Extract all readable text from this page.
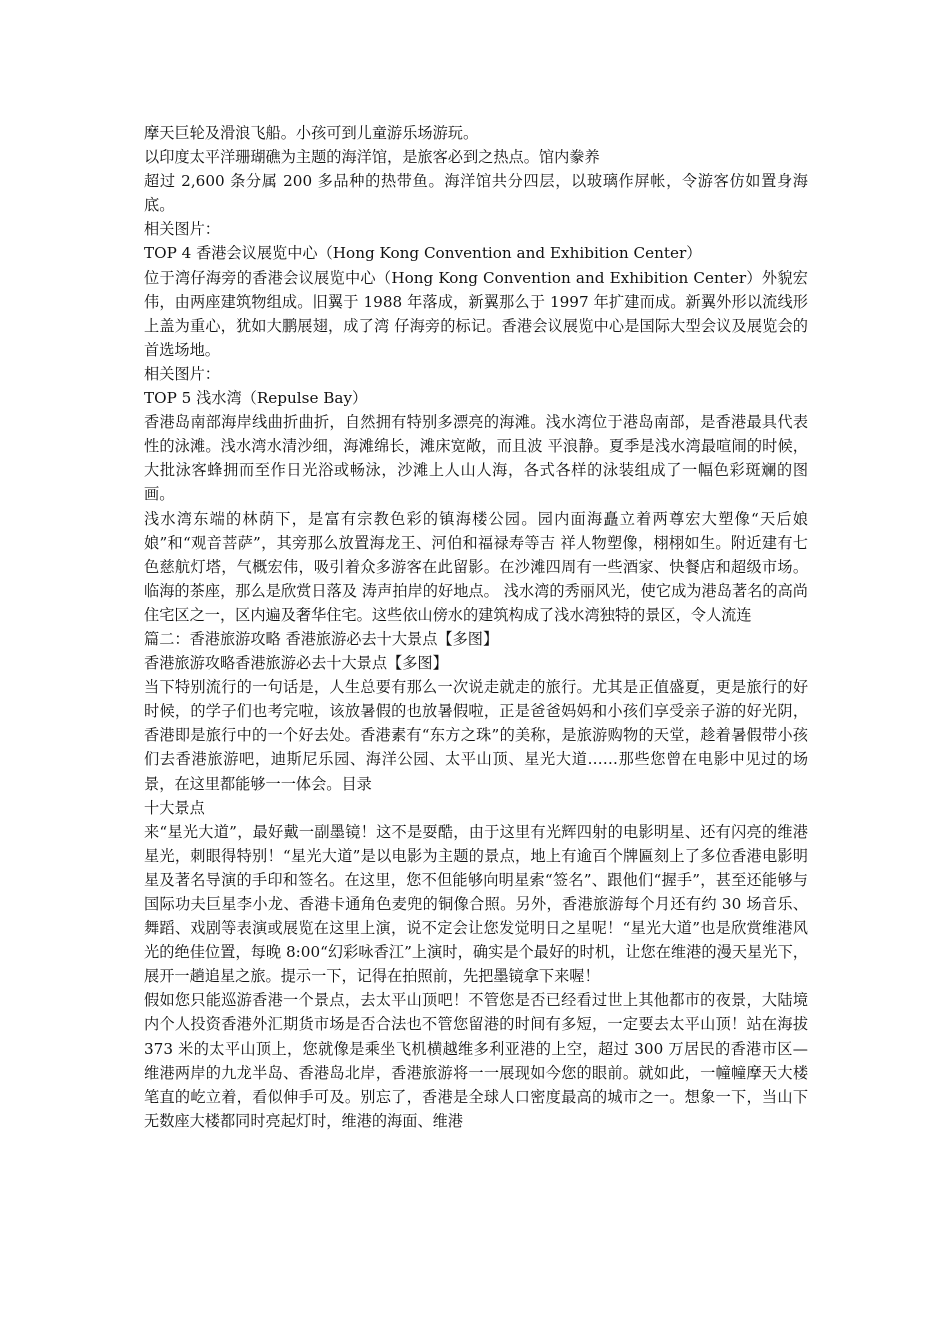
摩天巨轮及滑浪飞船。小孩可到儿童游乐场游玩。

以印度太平洋珊瑚礁为主题的海洋馆，是旅客必到之热点。馆内豢养

超过 2,600 条分属 200 多品种的热带鱼。海洋馆共分四层，以玻璃作屏帐，令游客仿如置身海底。

相关图片：

TOP 4 香港会议展览中心（Hong Kong Convention and Exhibition Center）

位于湾仔海旁的香港会议展览中心（Hong Kong Convention and Exhibition Center）外貌宏伟，由两座建筑物组成。旧翼于 1988 年落成，新翼那么于 1997 年扩建而成。新翼外形以流线形上盖为重心，犹如大鹏展翅，成了湾 仔海旁的标记。香港会议展览中心是国际大型会议及展览会的首选场地。

相关图片：

TOP 5 浅水湾（Repulse Bay）

香港岛南部海岸线曲折曲折，自然拥有特别多漂亮的海滩。浅水湾位于港岛南部，是香港最具代表性的泳滩。浅水湾水清沙细，海滩绵长，滩床宽敞，而且波 平浪静。夏季是浅水湾最喧闹的时候，大批泳客蜂拥而至作日光浴或畅泳，沙滩上人山人海，各式各样的泳装组成了一幅色彩斑斓的图画。

浅水湾东端的林荫下，是富有宗教色彩的镇海楼公园。园内面海矗立着两尊宏大塑像“天后娘娘”和“观音菩萨”，其旁那么放置海龙王、河伯和福禄寿等吉 祥人物塑像，栩栩如生。附近建有七色慈航灯塔，气概宏伟，吸引着众多游客在此留影。在沙滩四周有一些酒家、快餐店和超级市场。临海的茶座，那么是欣赏日落及 涛声拍岸的好地点。 浅水湾的秀丽风光，使它成为港岛著名的高尚住宅区之一，区内遍及奢华住宅。这些依山傍水的建筑构成了浅水湾独特的景区，令人流连

篇二：香港旅游攻略 香港旅游必去十大景点【多图】

香港旅游攻略香港旅游必去十大景点【多图】

当下特别流行的一句话是，人生总要有那么一次说走就走的旅行。尤其是正值盛夏，更是旅行的好时候，的学子们也考完啦，该放暑假的也放暑假啦，正是爸爸妈妈和小孩们享受亲子游的好光阴，香港即是旅行中的一个好去处。香港素有“东方之珠”的美称，是旅游购物的天堂，趁着暑假带小孩们去香港旅游吧，迪斯尼乐园、海洋公园、太平山顶、星光大道……那些您曾在电影中见过的场景，在这里都能够一一体会。目录

十大景点

来“星光大道”，最好戴一副墨镜！这不是耍酷，由于这里有光辉四射的电影明星、还有闪亮的维港星光，刺眼得特别！“星光大道”是以电影为主题的景点，地上有逾百个牌匾刻上了多位香港电影明星及著名导演的手印和签名。在这里，您不但能够向明星索“签名”、跟他们“握手”，甚至还能够与国际功夫巨星李小龙、香港卡通角色麦兜的铜像合照。另外，香港旅游每个月还有约 30 场音乐、舞蹈、戏剧等表演或展览在这里上演，说不定会让您发觉明日之星呢！“星光大道”也是欣赏维港风光的绝佳位置，每晚 8:00“幻彩咏香江”上演时，确实是个最好的时机，让您在维港的漫天星光下，展开一趟追星之旅。提示一下，记得在拍照前，先把墨镜拿下来喔！

假如您只能巡游香港一个景点，去太平山顶吧！不管您是否已经看过世上其他都市的夜景，大陆境内个人投资香港外汇期货市场是否合法也不管您留港的时间有多短，一定要去太平山顶！站在海拔 373 米的太平山顶上，您就像是乘坐飞机横越维多利亚港的上空，超过 300 万居民的香港市区—维港两岸的九龙半岛、香港岛北岸，香港旅游将一一展现如今您的眼前。就如此，一幢幢摩天大楼笔直的屹立着，看似伸手可及。别忘了，香港是全球人口密度最高的城市之一。想象一下，当山下无数座大楼都同时亮起灯时，维港的海面、维港
